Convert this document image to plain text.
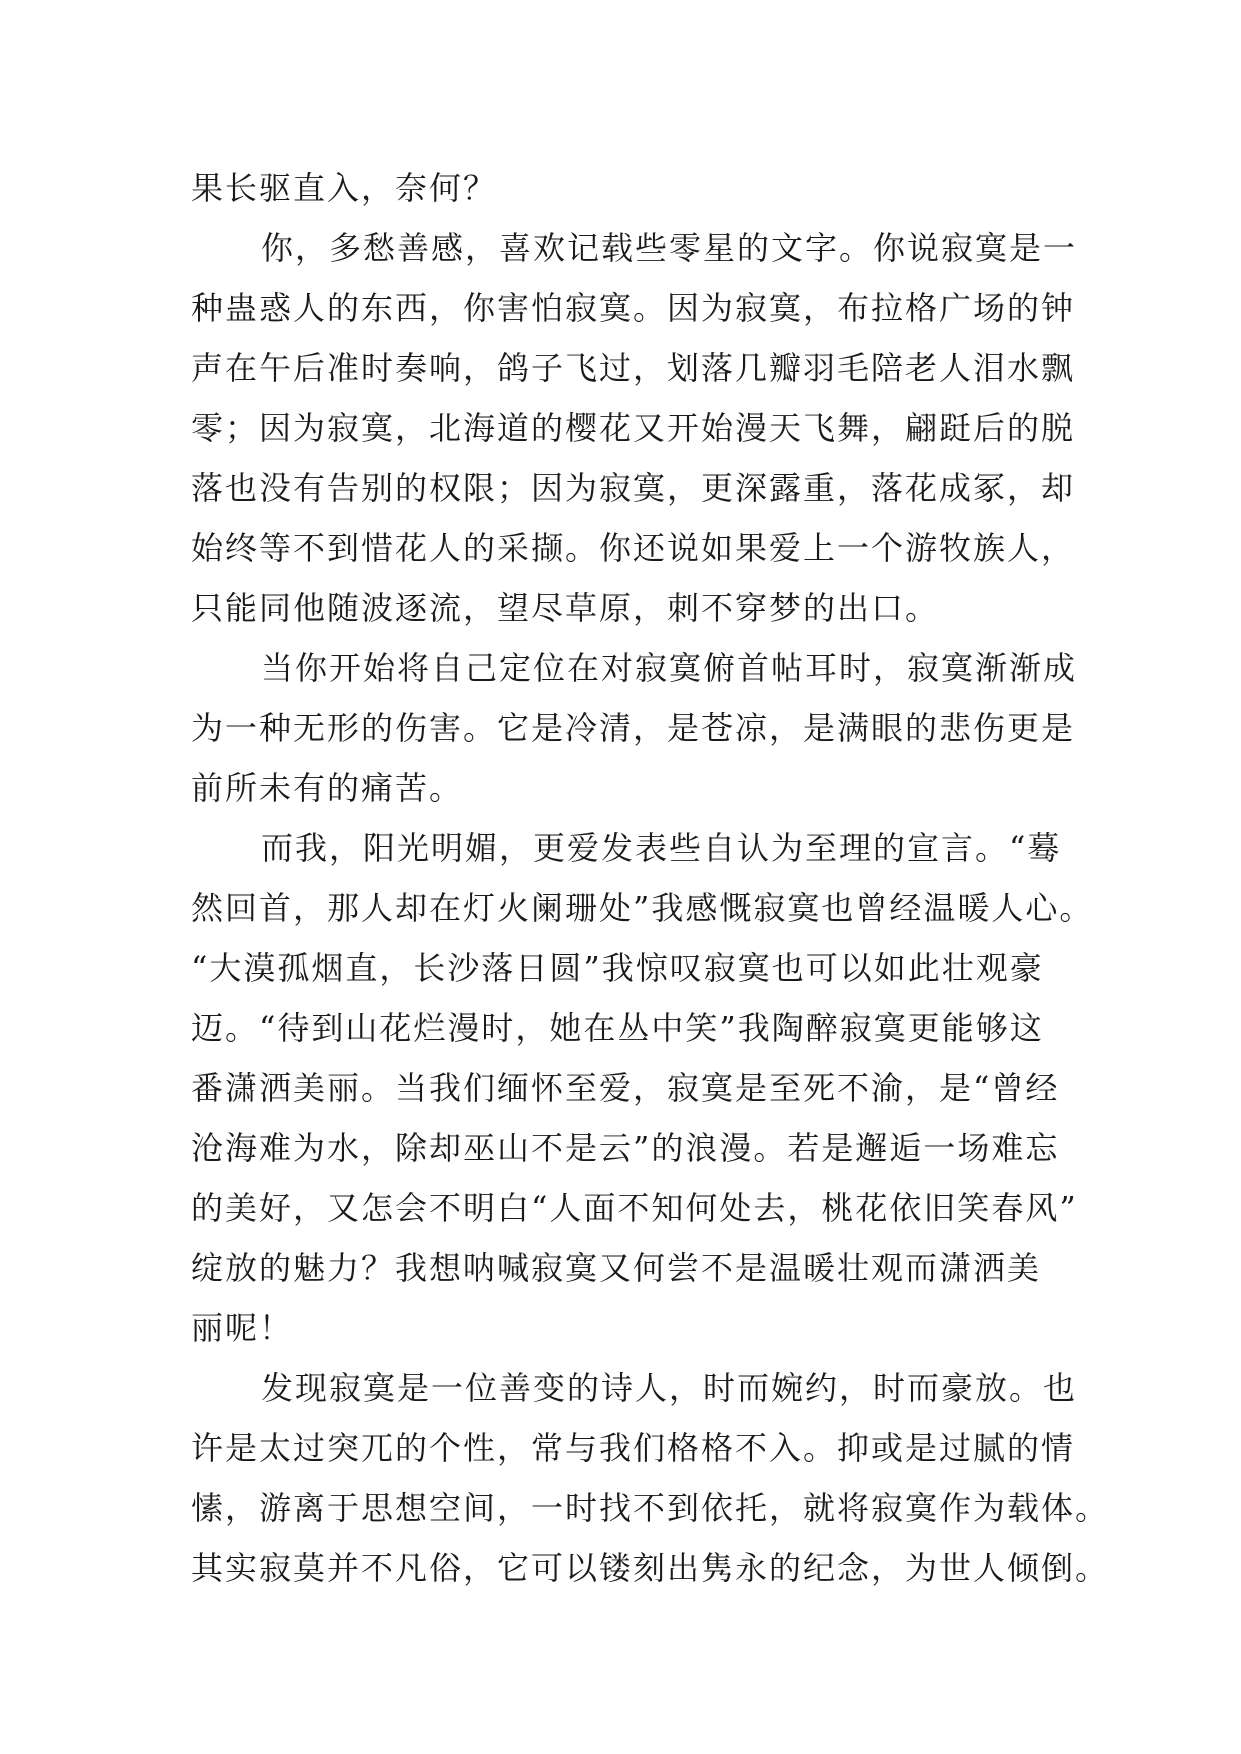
果长驱直入，奈何？
你，多愁善感，喜欢记载些零星的文字。你说寂寞是一
种蛊惑人的东西，你害怕寂寞。因为寂寞，布拉格广场的钟
声在午后准时奏响，鸽子飞过，划落几瓣羽毛陪老人泪水飘
零；因为寂寞，北海道的樱花又开始漫天飞舞，翩跹后的脱
落也没有告别的权限；因为寂寞，更深露重，落花成冢，却
始终等不到惜花人的采撷。你还说如果爱上一个游牧族人，
只能同他随波逐流，望尽草原，刺不穿梦的出口。
当你开始将自己定位在对寂寞俯首帖耳时，寂寞渐渐成
为一种无形的伤害。它是冷清，是苍凉，是满眼的悲伤更是
前所未有的痛苦。
而我，阳光明媚，更爱发表些自认为至理的宣言。“蓦
然回首，那人却在灯火阑珊处”我感慨寂寞也曾经温暖人心。
“大漠孤烟直，长沙落日圆”我惊叹寂寞也可以如此壮观豪
迈。“待到山花烂漫时，她在丛中笑”我陶醉寂寞更能够这
番潇洒美丽。当我们缅怀至爱，寂寞是至死不渝，是“曾经
沧海难为水，除却巫山不是云”的浪漫。若是邂逅一场难忘
的美好，又怎会不明白“人面不知何处去，桃花依旧笑春风”
绽放的魅力？我想呐喊寂寞又何尝不是温暖壮观而潇洒美
丽呢！
发现寂寞是一位善变的诗人，时而婉约，时而豪放。也
许是太过突兀的个性，常与我们格格不入。抑或是过腻的情
愫，游离于思想空间，一时找不到依托，就将寂寞作为载体。
其实寂莫并不凡俗，它可以镂刻出隽永的纪念，为世人倾倒。
